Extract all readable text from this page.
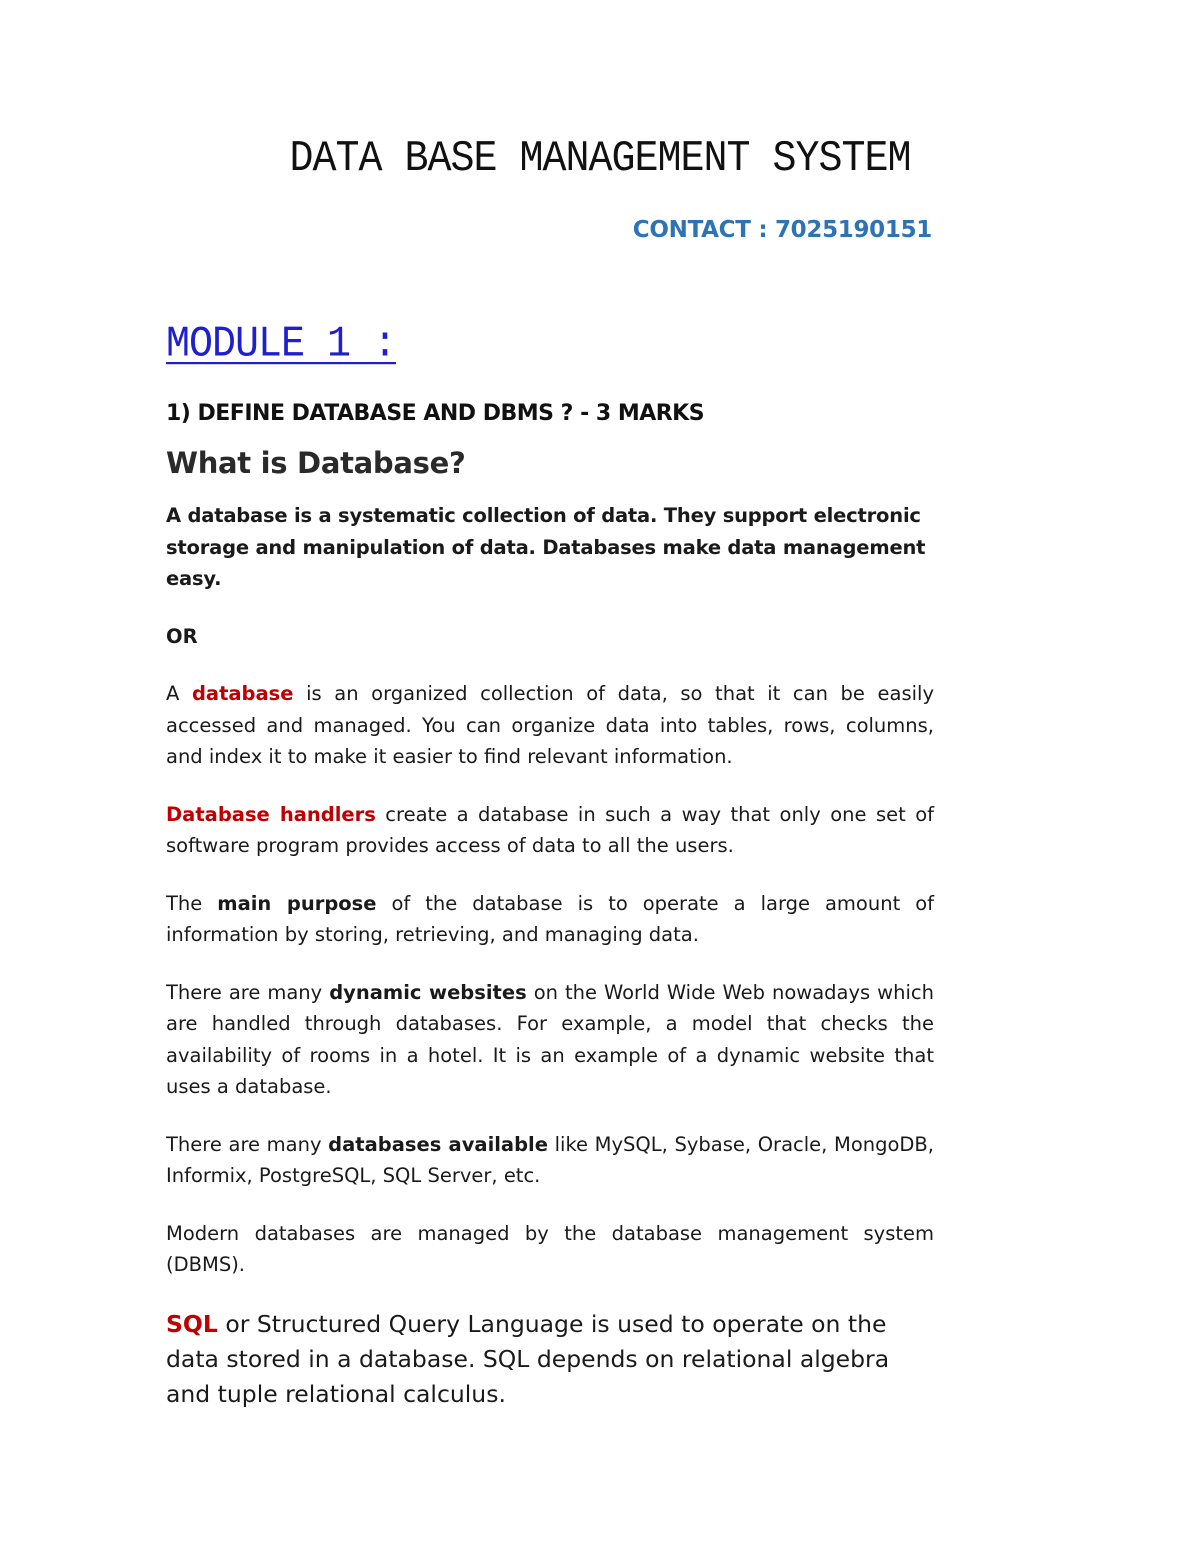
DATA BASE MANAGEMENT SYSTEM
CONTACT : 7025190151
MODULE 1 :
1) DEFINE DATABASE AND DBMS ? - 3 MARKS
What is Database?

A database is a systematic collection of data. They support electronic storage and manipulation of data. Databases make data management easy.

OR

A database is an organized collection of data, so that it can be easily accessed and managed. You can organize data into tables, rows, columns, and index it to make it easier to find relevant information.

Database handlers create a database in such a way that only one set of software program provides access of data to all the users.

The main purpose of the database is to operate a large amount of information by storing, retrieving, and managing data.

There are many dynamic websites on the World Wide Web nowadays which are handled through databases. For example, a model that checks the availability of rooms in a hotel. It is an example of a dynamic website that uses a database.

There are many databases available like MySQL, Sybase, Oracle, MongoDB, Informix, PostgreSQL, SQL Server, etc.

Modern databases are managed by the database management system (DBMS).

SQL or Structured Query Language is used to operate on the data stored in a database. SQL depends on relational algebra and tuple relational calculus.
